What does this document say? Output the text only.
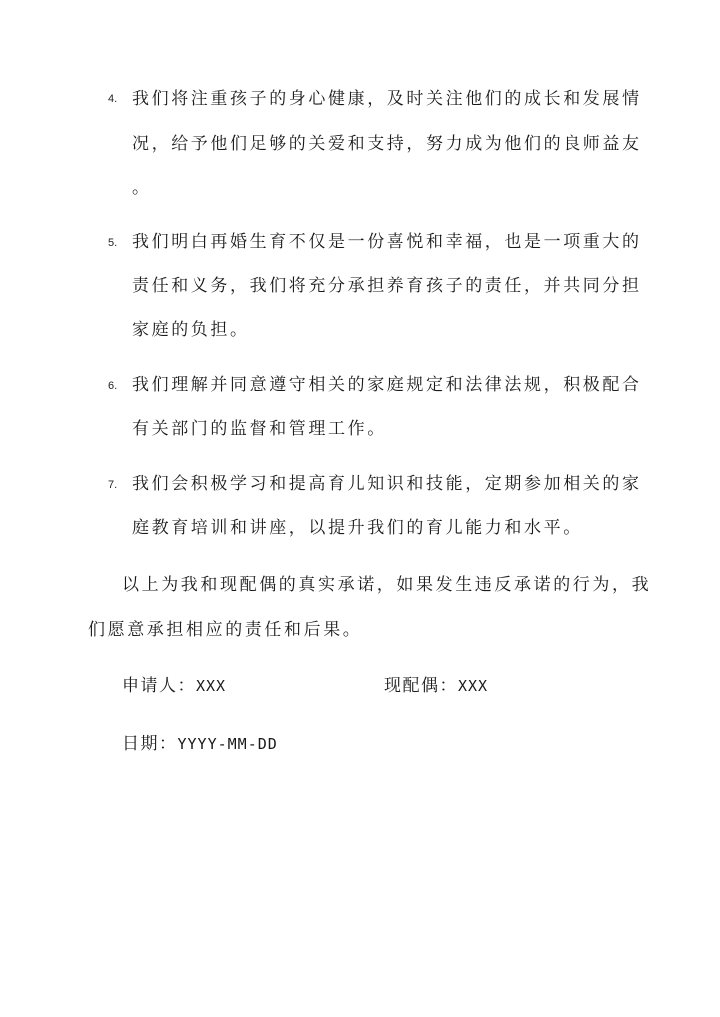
4. 我们将注重孩子的身心健康，及时关注他们的成长和发展情
况，给予他们足够的关爱和支持，努力成为他们的良师益友
。
5. 我们明白再婚生育不仅是一份喜悦和幸福，也是一项重大的
责任和义务，我们将充分承担养育孩子的责任，并共同分担
家庭的负担。
6. 我们理解并同意遵守相关的家庭规定和法律法规，积极配合
有关部门的监督和管理工作。
7. 我们会积极学习和提高育儿知识和技能，定期参加相关的家
庭教育培训和讲座，以提升我们的育儿能力和水平。
以上为我和现配偶的真实承诺，如果发生违反承诺的行为，我
们愿意承担相应的责任和后果。
申请人：XXX	现配偶：XXX
日期：YYYY-MM-DD
